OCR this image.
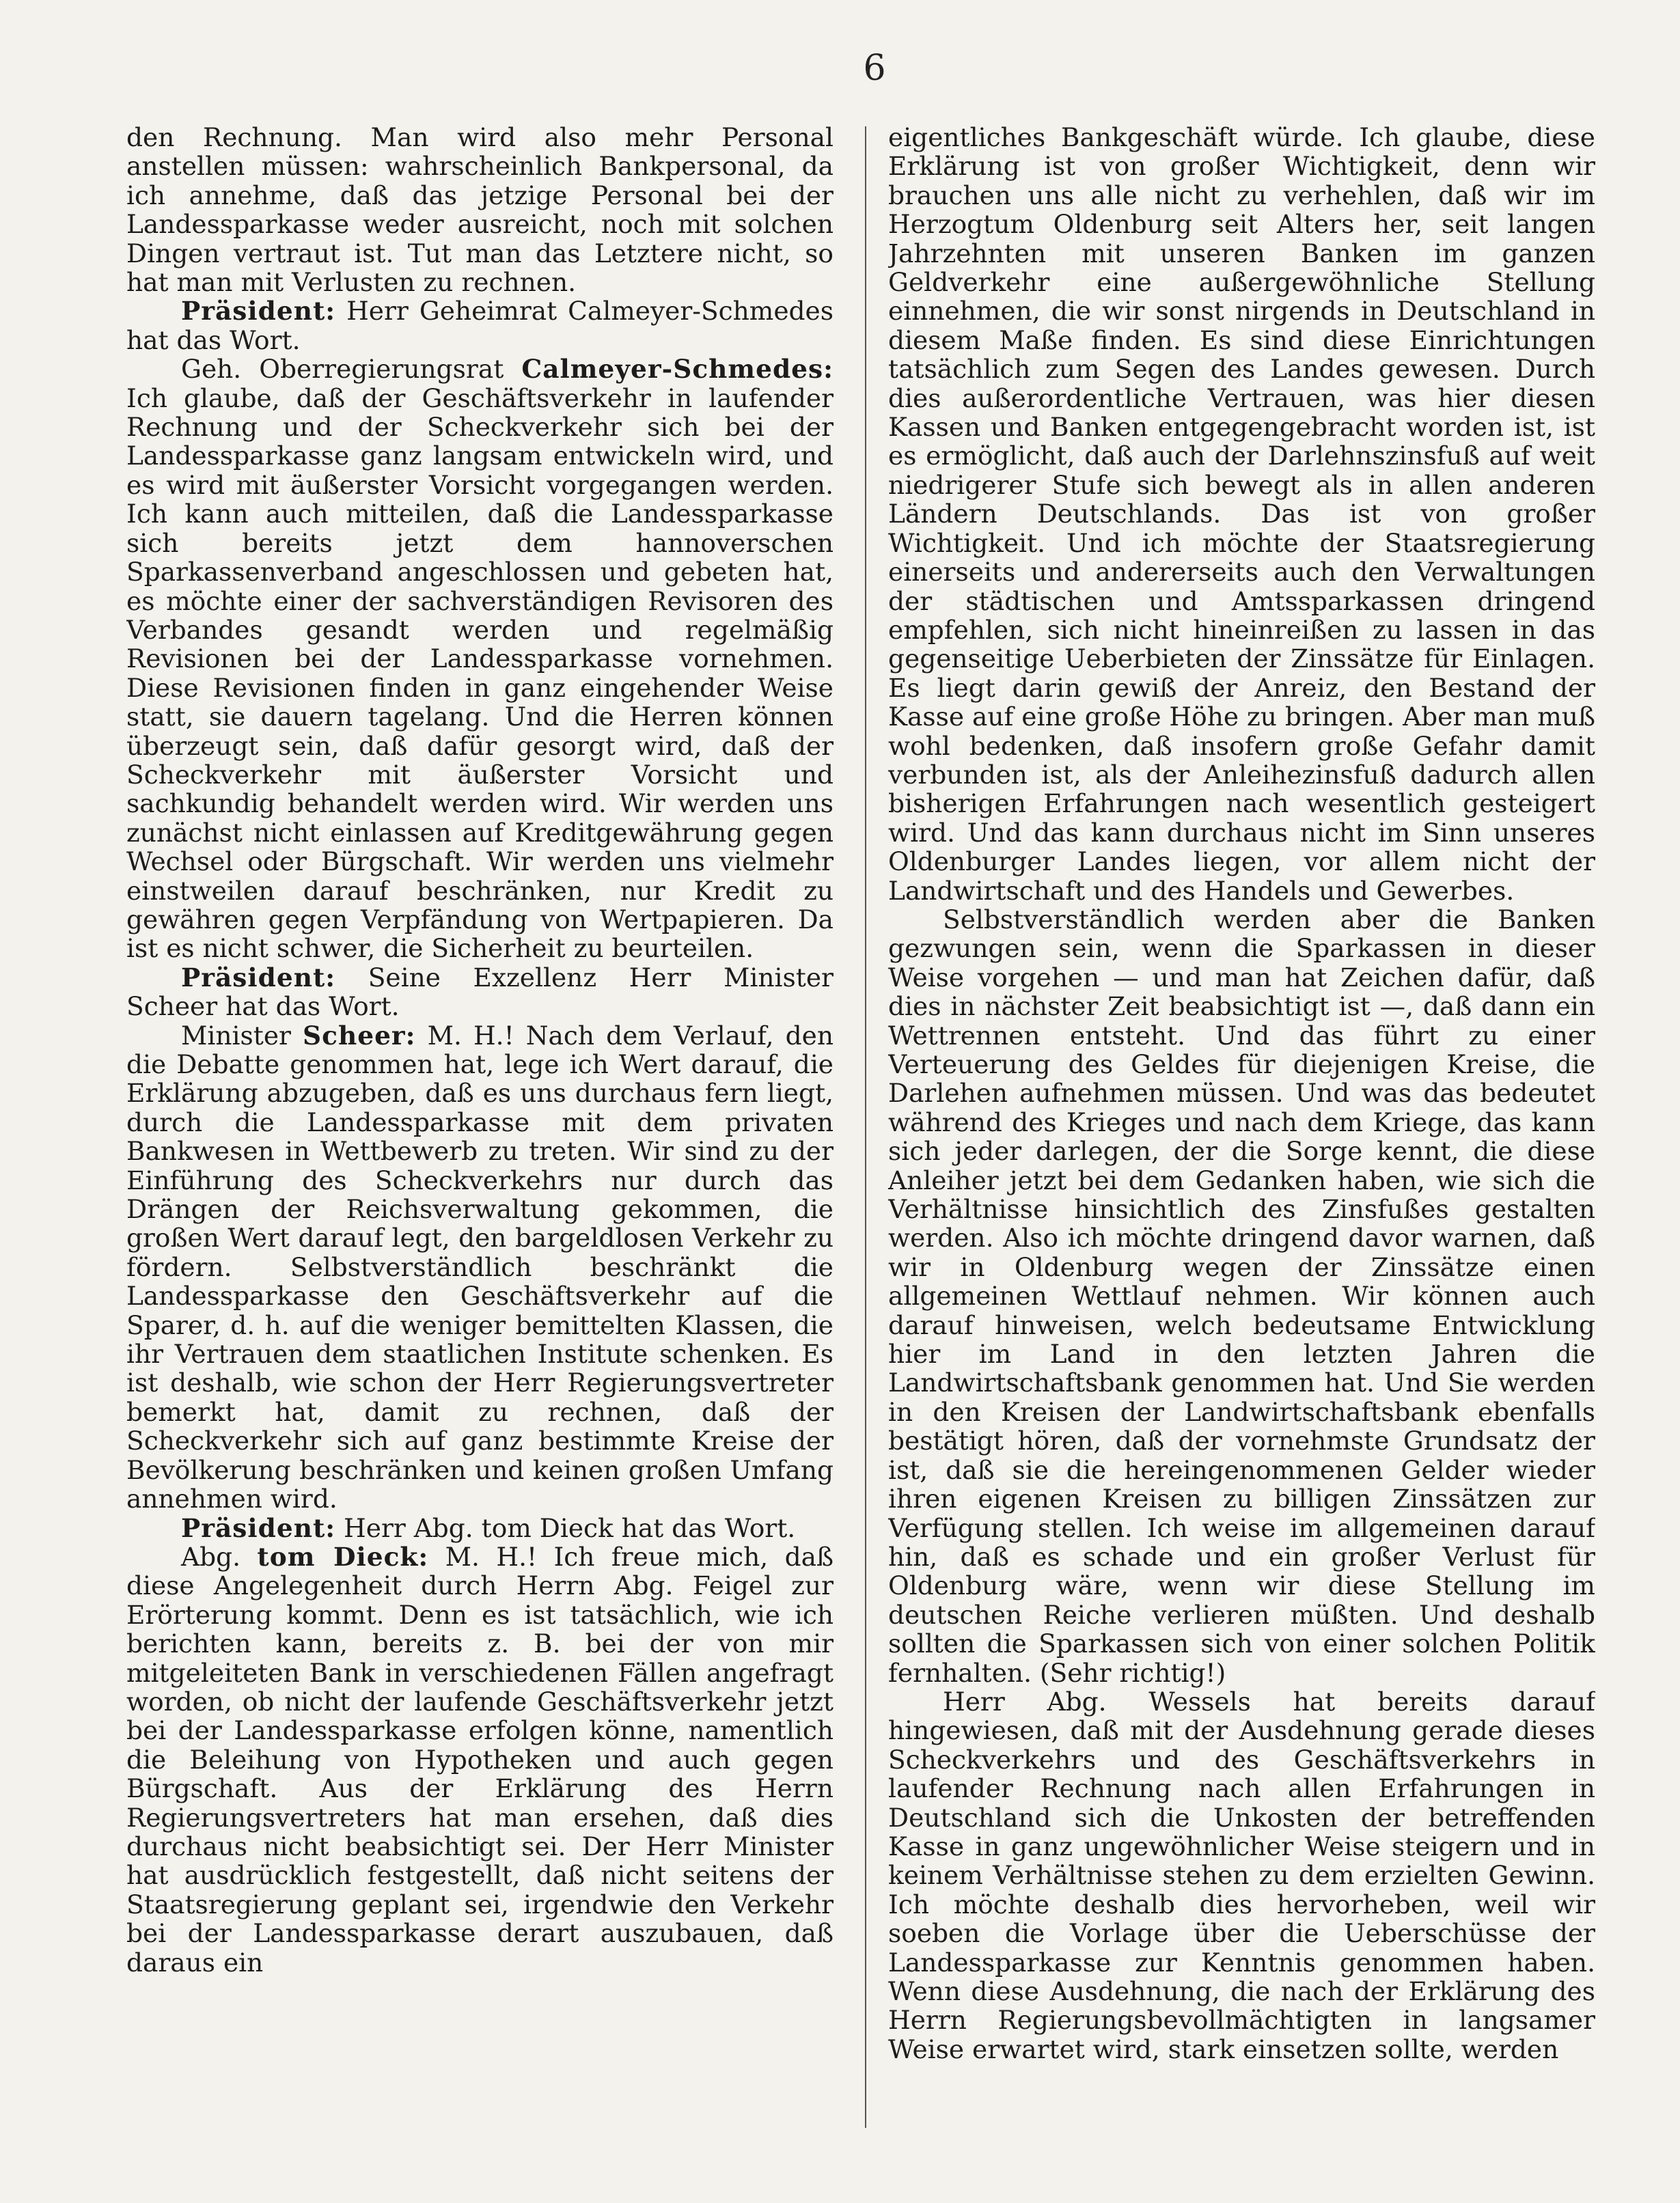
6

den Rechnung. Man wird also mehr Personal anstellen müssen: wahrscheinlich Bankpersonal, da ich annehme, daß das jetzige Personal bei der Landessparkasse weder ausreicht, noch mit solchen Dingen vertraut ist. Tut man das Letztere nicht, so hat man mit Verlusten zu rechnen.

Präsident: Herr Geheimrat Calmeyer-Schmedes hat das Wort.

Geh. Oberregierungsrat Calmeyer-Schmedes: Ich glaube, daß der Geschäftsverkehr in laufender Rechnung und der Scheckverkehr sich bei der Landessparkasse ganz langsam entwickeln wird, und es wird mit äußerster Vorsicht vorgegangen werden. Ich kann auch mitteilen, daß die Landessparkasse sich bereits jetzt dem hannoverschen Sparkassenverband angeschlossen und gebeten hat, es möchte einer der sachverständigen Revisoren des Verbandes gesandt werden und regelmäßig Revisionen bei der Landessparkasse vornehmen. Diese Revisionen finden in ganz eingehender Weise statt, sie dauern tagelang. Und die Herren können überzeugt sein, daß dafür gesorgt wird, daß der Scheckverkehr mit äußerster Vorsicht und sachkundig behandelt werden wird. Wir werden uns zunächst nicht einlassen auf Kreditgewährung gegen Wechsel oder Bürgschaft. Wir werden uns vielmehr einstweilen darauf beschränken, nur Kredit zu gewähren gegen Verpfändung von Wertpapieren. Da ist es nicht schwer, die Sicherheit zu beurteilen.

Präsident: Seine Exzellenz Herr Minister Scheer hat das Wort.

Minister Scheer: M. H.! Nach dem Verlauf, den die Debatte genommen hat, lege ich Wert darauf, die Erklärung abzugeben, daß es uns durchaus fern liegt, durch die Landessparkasse mit dem privaten Bankwesen in Wettbewerb zu treten. Wir sind zu der Einführung des Scheckverkehrs nur durch das Drängen der Reichsverwaltung gekommen, die großen Wert darauf legt, den bargeldlosen Verkehr zu fördern. Selbstverständlich beschränkt die Landessparkasse den Geschäftsverkehr auf die Sparer, d. h. auf die weniger bemittelten Klassen, die ihr Vertrauen dem staatlichen Institute schenken. Es ist deshalb, wie schon der Herr Regierungsvertreter bemerkt hat, damit zu rechnen, daß der Scheckverkehr sich auf ganz bestimmte Kreise der Bevölkerung beschränken und keinen großen Umfang annehmen wird.

Präsident: Herr Abg. tom Dieck hat das Wort.

Abg. tom Dieck: M. H.! Ich freue mich, daß diese Angelegenheit durch Herrn Abg. Feigel zur Erörterung kommt. Denn es ist tatsächlich, wie ich berichten kann, bereits z. B. bei der von mir mitgeleiteten Bank in verschiedenen Fällen angefragt worden, ob nicht der laufende Geschäftsverkehr jetzt bei der Landessparkasse erfolgen könne, namentlich die Beleihung von Hypotheken und auch gegen Bürgschaft. Aus der Erklärung des Herrn Regierungsvertreters hat man ersehen, daß dies durchaus nicht beabsichtigt sei. Der Herr Minister hat ausdrücklich festgestellt, daß nicht seitens der Staatsregierung geplant sei, irgendwie den Verkehr bei der Landessparkasse derart auszubauen, daß daraus ein

eigentliches Bankgeschäft würde. Ich glaube, diese Erklärung ist von großer Wichtigkeit, denn wir brauchen uns alle nicht zu verhehlen, daß wir im Herzogtum Oldenburg seit Alters her, seit langen Jahrzehnten mit unseren Banken im ganzen Geldverkehr eine außergewöhnliche Stellung einnehmen, die wir sonst nirgends in Deutschland in diesem Maße finden. Es sind diese Einrichtungen tatsächlich zum Segen des Landes gewesen. Durch dies außerordentliche Vertrauen, was hier diesen Kassen und Banken entgegengebracht worden ist, ist es ermöglicht, daß auch der Darlehnszinsfuß auf weit niedrigerer Stufe sich bewegt als in allen anderen Ländern Deutschlands. Das ist von großer Wichtigkeit. Und ich möchte der Staatsregierung einerseits und andererseits auch den Verwaltungen der städtischen und Amtssparkassen dringend empfehlen, sich nicht hineinreißen zu lassen in das gegenseitige Ueberbieten der Zinssätze für Einlagen. Es liegt darin gewiß der Anreiz, den Bestand der Kasse auf eine große Höhe zu bringen. Aber man muß wohl bedenken, daß insofern große Gefahr damit verbunden ist, als der Anleihezinsfuß dadurch allen bisherigen Erfahrungen nach wesentlich gesteigert wird. Und das kann durchaus nicht im Sinn unseres Oldenburger Landes liegen, vor allem nicht der Landwirtschaft und des Handels und Gewerbes.

Selbstverständlich werden aber die Banken gezwungen sein, wenn die Sparkassen in dieser Weise vorgehen — und man hat Zeichen dafür, daß dies in nächster Zeit beabsichtigt ist —, daß dann ein Wettrennen entsteht. Und das führt zu einer Verteuerung des Geldes für diejenigen Kreise, die Darlehen aufnehmen müssen. Und was das bedeutet während des Krieges und nach dem Kriege, das kann sich jeder darlegen, der die Sorge kennt, die diese Anleiher jetzt bei dem Gedanken haben, wie sich die Verhältnisse hinsichtlich des Zinsfußes gestalten werden. Also ich möchte dringend davor warnen, daß wir in Oldenburg wegen der Zinssätze einen allgemeinen Wettlauf nehmen. Wir können auch darauf hinweisen, welch bedeutsame Entwicklung hier im Land in den letzten Jahren die Landwirtschaftsbank genommen hat. Und Sie werden in den Kreisen der Landwirtschaftsbank ebenfalls bestätigt hören, daß der vornehmste Grundsatz der ist, daß sie die hereingenommenen Gelder wieder ihren eigenen Kreisen zu billigen Zinssätzen zur Verfügung stellen. Ich weise im allgemeinen darauf hin, daß es schade und ein großer Verlust für Oldenburg wäre, wenn wir diese Stellung im deutschen Reiche verlieren müßten. Und deshalb sollten die Sparkassen sich von einer solchen Politik fernhalten. (Sehr richtig!)

Herr Abg. Wessels hat bereits darauf hingewiesen, daß mit der Ausdehnung gerade dieses Scheckverkehrs und des Geschäftsverkehrs in laufender Rechnung nach allen Erfahrungen in Deutschland sich die Unkosten der betreffenden Kasse in ganz ungewöhnlicher Weise steigern und in keinem Verhältnisse stehen zu dem erzielten Gewinn. Ich möchte deshalb dies hervorheben, weil wir soeben die Vorlage über die Ueberschüsse der Landessparkasse zur Kenntnis genommen haben. Wenn diese Ausdehnung, die nach der Erklärung des Herrn Regierungsbevollmächtigten in langsamer Weise erwartet wird, stark einsetzen sollte, werden
